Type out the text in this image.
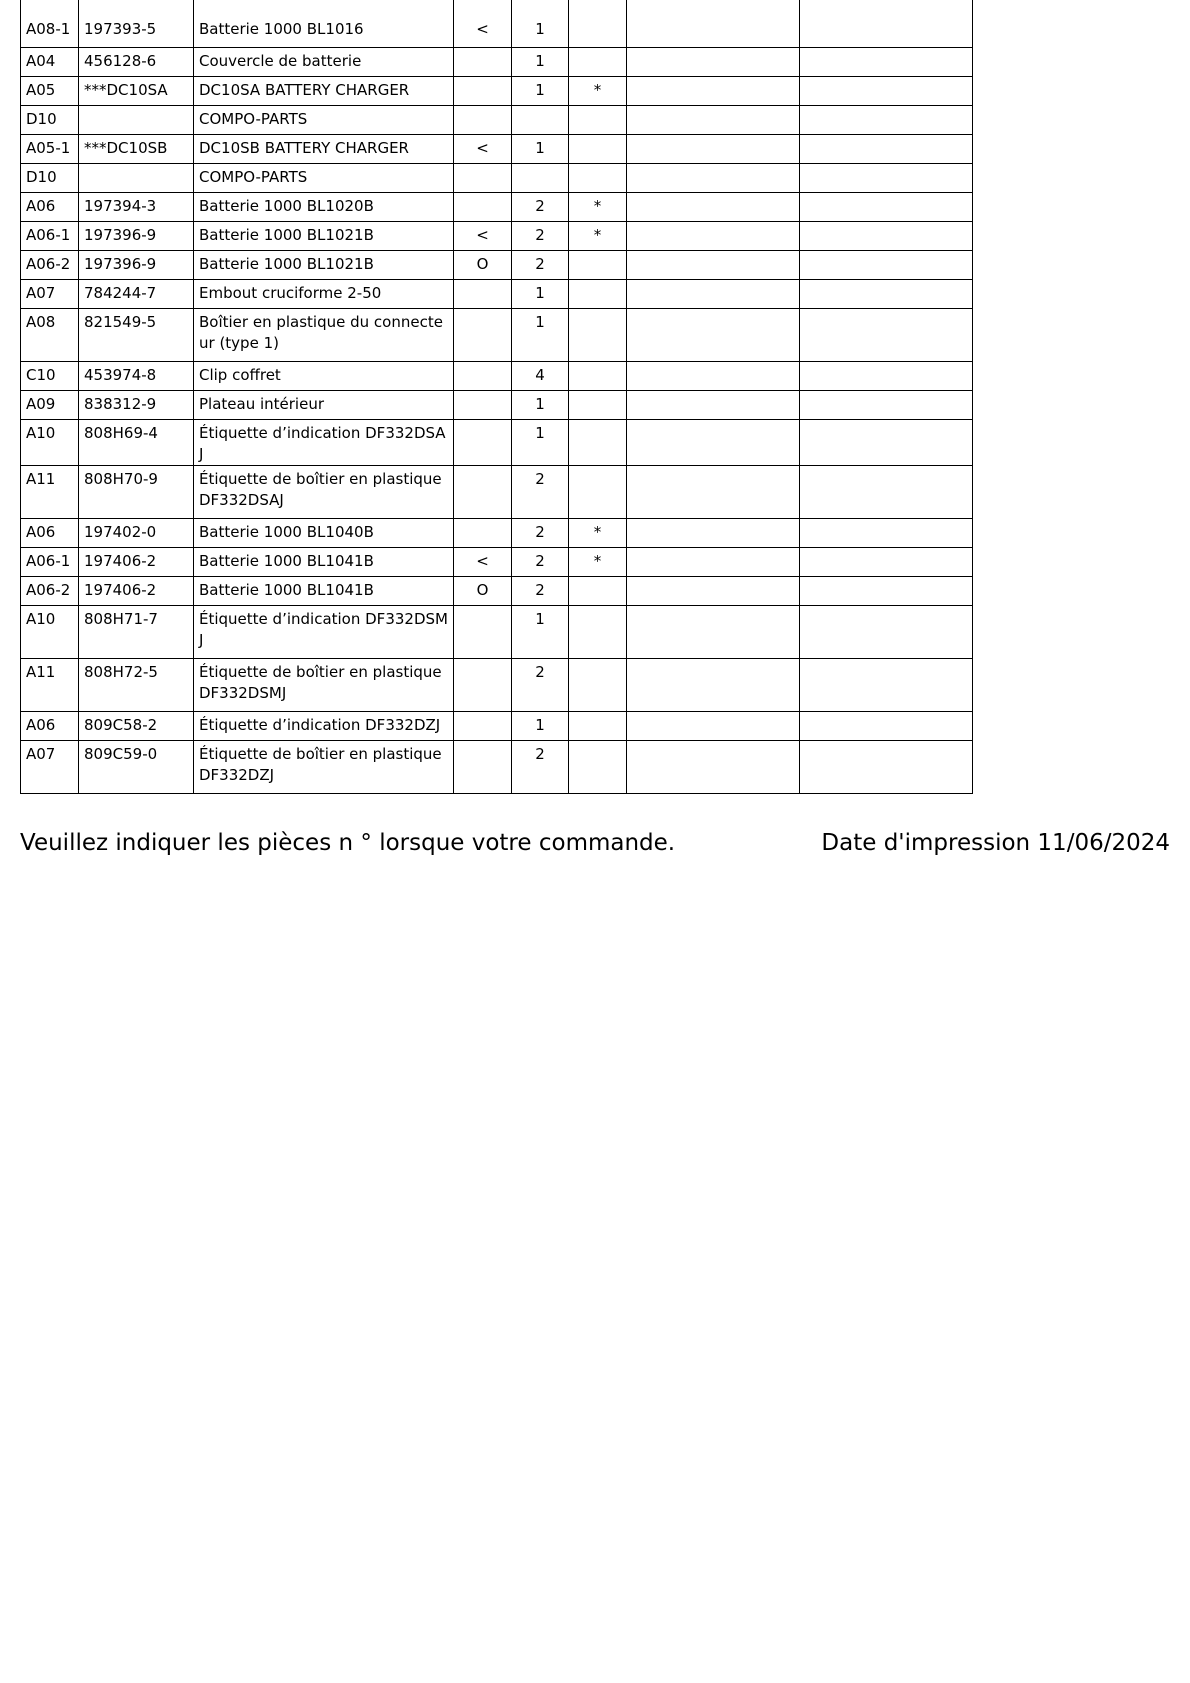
A08-1	197393-5	Batterie 1000 BL1016	<	1			
A04	456128-6	Couvercle de batterie		1			
A05	***DC10SA	DC10SA BATTERY CHARGER		1	*		
D10		COMPO-PARTS					
A05-1	***DC10SB	DC10SB BATTERY CHARGER	<	1			
D10		COMPO-PARTS					
A06	197394-3	Batterie 1000 BL1020B		2	*		
A06-1	197396-9	Batterie 1000 BL1021B	<	2	*		
A06-2	197396-9	Batterie 1000 BL1021B	O	2			
A07	784244-7	Embout cruciforme 2-50		1			
A08	821549-5	Boîtier en plastique du connecteur (type 1)		1			
C10	453974-8	Clip coffret		4			
A09	838312-9	Plateau intérieur		1			
A10	808H69-4	Étiquette d’indication DF332DSAJ		1			
A11	808H70-9	Étiquette de boîtier en plastique DF332DSAJ		2			
A06	197402-0	Batterie 1000 BL1040B		2	*		
A06-1	197406-2	Batterie 1000 BL1041B	<	2	*		
A06-2	197406-2	Batterie 1000 BL1041B	O	2			
A10	808H71-7	Étiquette d’indication DF332DSMJ		1			
A11	808H72-5	Étiquette de boîtier en plastique DF332DSMJ		2			
A06	809C58-2	Étiquette d’indication DF332DZJ		1			
A07	809C59-0	Étiquette de boîtier en plastique DF332DZJ		2			
Veuillez indiquer les pièces n ° lorsque votre commande.	Date d'impression 11/06/2024
